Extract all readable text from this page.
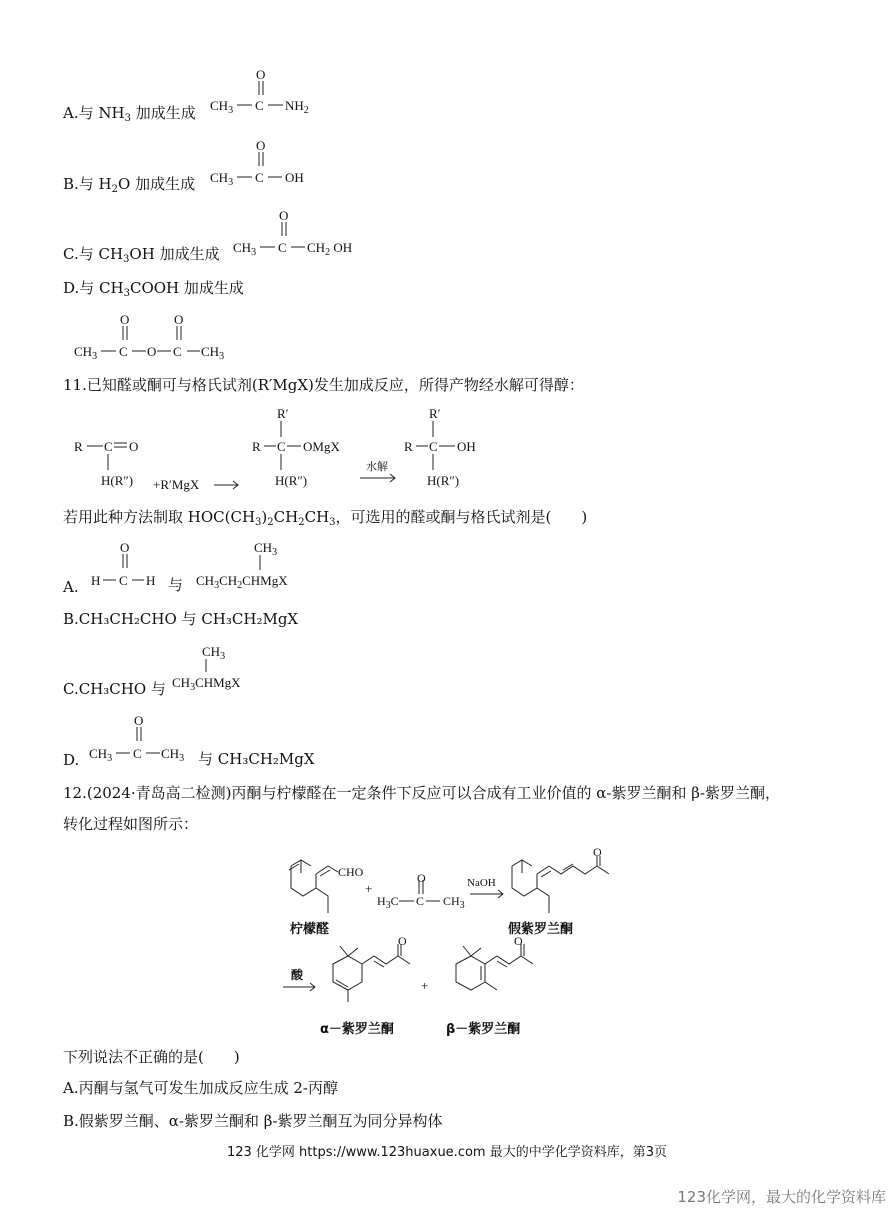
A.与 $NH_3$ 加成生成
B.与 $H_2O$ 加成生成
C.与 $CH_3OH$ 加成生成
D.与 $CH_3COOH$ 加成生成
O
$CH_3$ C $NH_2$
O
$CH_3$ C OH
O
$CH_3$ C $CH_2$ OH
O	O
$CH_3$ C O C $CH_3$
11.已知醛或酮可与格氏试剂(R′MgX)发生加成反应，所得产物经水解可得醇：
R C O
H(R″) +R′MgX
R′
R C OMgX
H(R″)
水解
R′
R C OH
H(R″)
若用此种方法制取 $HOC(CH_3)_2CH_2CH_3$，可选用的醛或酮与格氏试剂是(　　)
A.
O
H C H 与
$CH_3$
$CH_3CH_2CHMgX$
B.CH₃CH₂CHO 与 CH₃CH₂MgX
C.CH₃CHO 与
$CH_3$
$CH_3CHMgX$
D.
O
$CH_3$ C $CH_3$ 与 CH₃CH₂MgX
12.(2024·青岛高二检测)丙酮与柠檬醛在一定条件下反应可以合成有工业价值的 α-紫罗兰酮和 β-紫罗兰酮，
转化过程如图所示：
CHO
+
$H_3C$ C $CH_3$
O
O
O
+
O
NaOH
酸
柠檬醛	假紫罗兰酮
α－紫罗兰酮	β－紫罗兰酮
下列说法不正确的是(　　)
A.丙酮与氢气可发生加成反应生成 2-丙醇
B.假紫罗兰酮、α-紫罗兰酮和 β-紫罗兰酮互为同分异构体
123 化学网 https://www.123huaxue.com 最大的中学化学资料库，第3页
123化学网，最大的化学资料库
